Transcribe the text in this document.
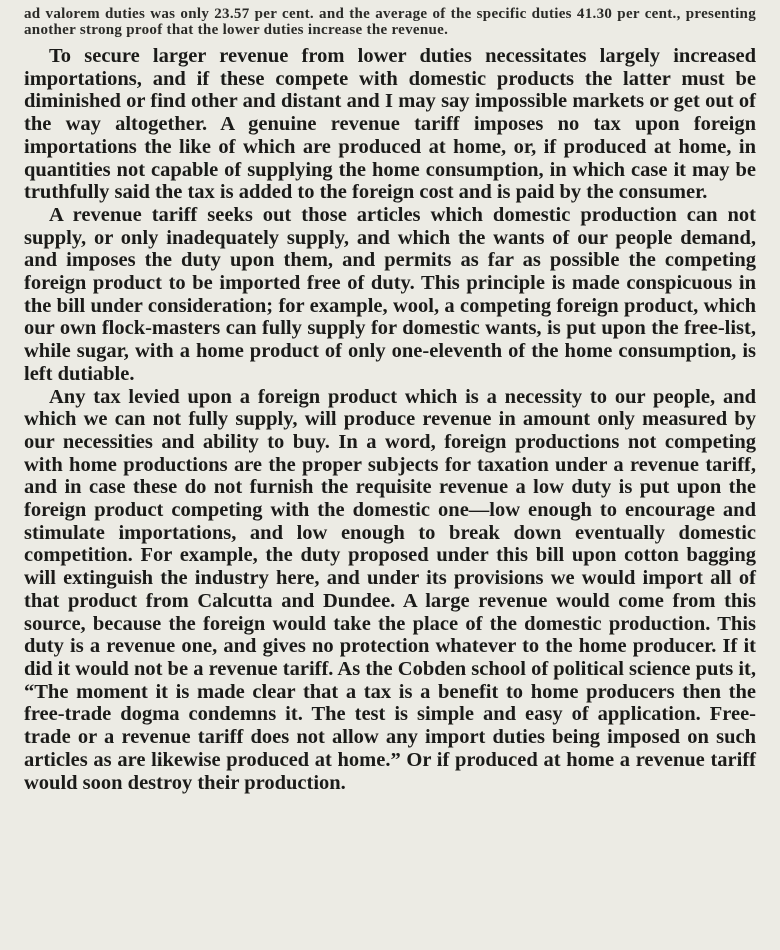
ad valorem duties was only 23.57 per cent. and the average of the specific duties 41.30 per cent., presenting another strong proof that the lower duties increase the revenue.

To secure larger revenue from lower duties necessitates largely increased importations, and if these compete with domestic products the latter must be diminished or find other and distant and I may say impossible markets or get out of the way altogether. A genuine revenue tariff imposes no tax upon foreign importations the like of which are produced at home, or, if produced at home, in quantities not capable of supplying the home consumption, in which case it may be truthfully said the tax is added to the foreign cost and is paid by the consumer.

A revenue tariff seeks out those articles which domestic production can not supply, or only inadequately supply, and which the wants of our people demand, and imposes the duty upon them, and permits as far as possible the competing foreign product to be imported free of duty. This principle is made conspicuous in the bill under consideration; for example, wool, a competing foreign product, which our own flock-masters can fully supply for domestic wants, is put upon the free-list, while sugar, with a home product of only one-eleventh of the home consumption, is left dutiable.

Any tax levied upon a foreign product which is a necessity to our people, and which we can not fully supply, will produce revenue in amount only measured by our necessities and ability to buy. In a word, foreign productions not competing with home productions are the proper subjects for taxation under a revenue tariff, and in case these do not furnish the requisite revenue a low duty is put upon the foreign product competing with the domestic one—low enough to encourage and stimulate importations, and low enough to break down eventually domestic competition. For example, the duty proposed under this bill upon cotton bagging will extinguish the industry here, and under its provisions we would import all of that product from Calcutta and Dundee. A large revenue would come from this source, because the foreign would take the place of the domestic production. This duty is a revenue one, and gives no protection whatever to the home producer. If it did it would not be a revenue tariff. As the Cobden school of political science puts it, “The moment it is made clear that a tax is a benefit to home producers then the free-trade dogma condemns it. The test is simple and easy of application. Free-trade or a revenue tariff does not allow any import duties being imposed on such articles as are likewise produced at home.” Or if produced at home a revenue tariff would soon destroy their production.
